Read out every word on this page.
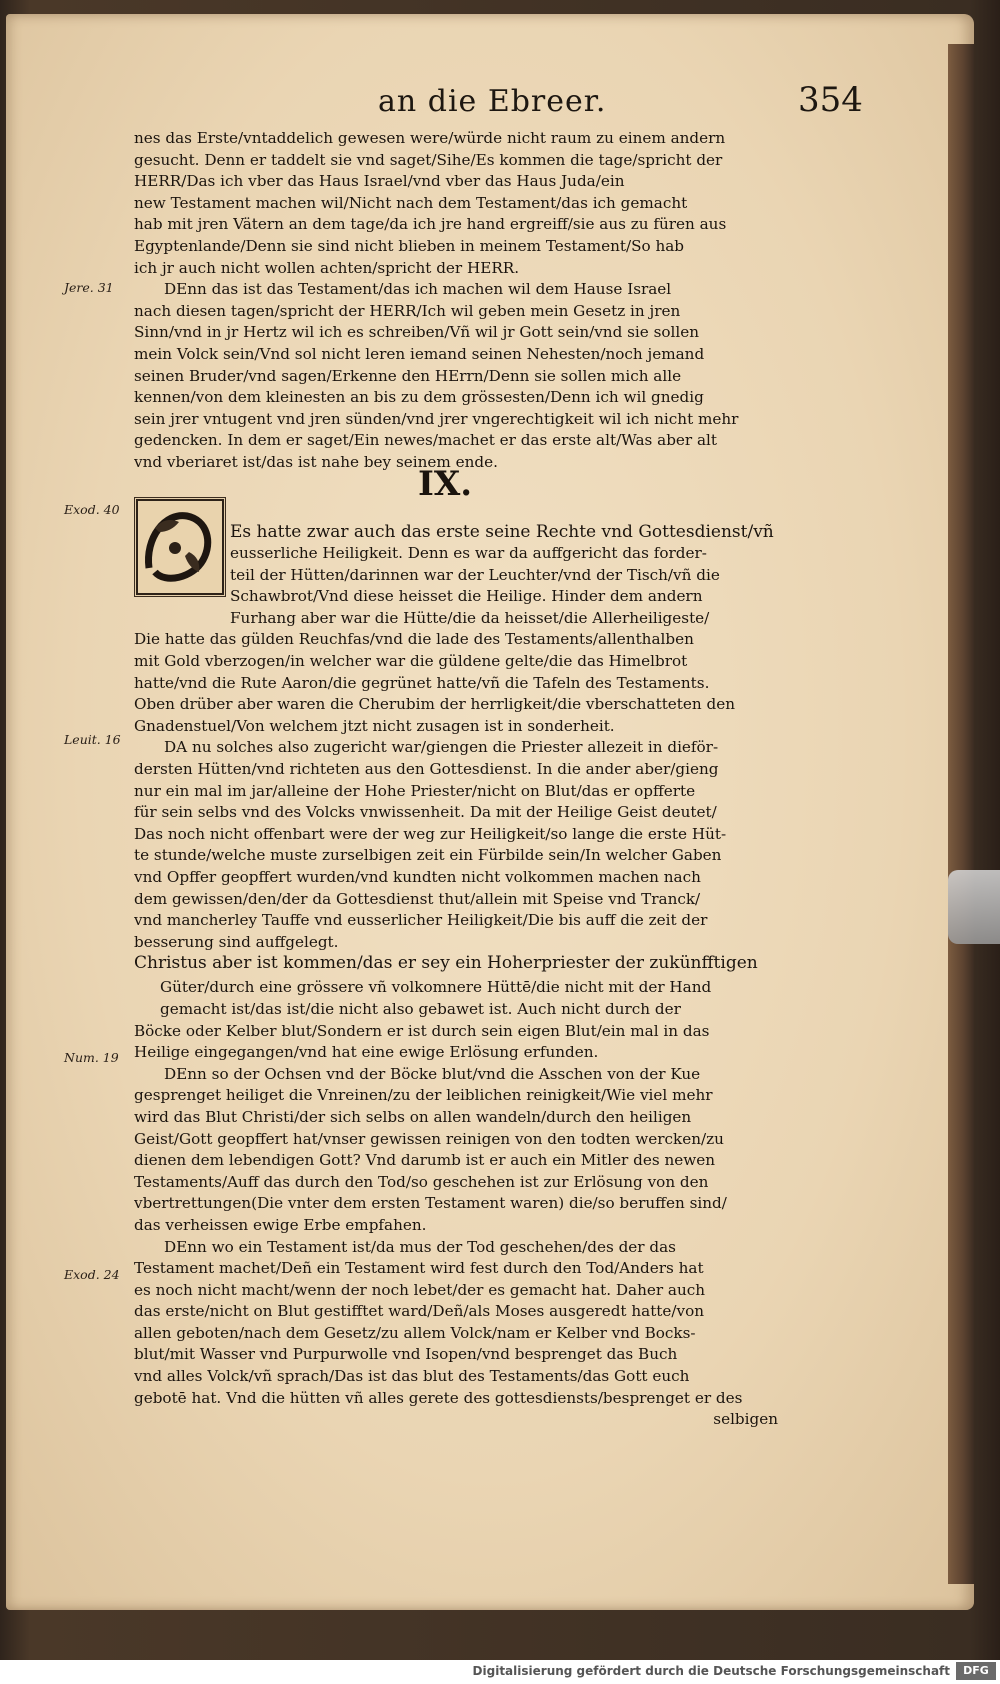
an die Ebreer.	354
Jere. 31
Exod. 40
Leuit. 16
Num. 19
Exod. 24
IX.
nes das Erste/vntaddelich gewesen were/würde nicht raum zu einem andern
gesucht. Denn er taddelt sie vnd saget/Sihe/Es kommen die tage/spricht der
HERR/Das ich vber das Haus Israel/vnd vber das Haus Juda/ein
new Testament machen wil/Nicht nach dem Testament/das ich gemacht
hab mit jren Vätern an dem tage/da ich jre hand ergreiff/sie aus zu füren aus
Egyptenlande/Denn sie sind nicht blieben in meinem Testament/So hab
ich jr auch nicht wollen achten/spricht der HERR.
DEnn das ist das Testament/das ich machen wil dem Hause Israel
nach diesen tagen/spricht der HERR/Ich wil geben mein Gesetz in jren
Sinn/vnd in jr Hertz wil ich es schreiben/Vñ wil jr Gott sein/vnd sie sollen
mein Volck sein/Vnd sol nicht leren iemand seinen Nehesten/noch jemand
seinen Bruder/vnd sagen/Erkenne den HErrn/Denn sie sollen mich alle
kennen/von dem kleinesten an bis zu dem grössesten/Denn ich wil gnedig
sein jrer vntugent vnd jren sünden/vnd jrer vngerechtigkeit wil ich nicht mehr
gedencken. In dem er saget/Ein newes/machet er das erste alt/Was aber alt
vnd vberiaret ist/das ist nahe bey seinem ende.
Es hatte zwar auch das erste seine Rechte vnd Gottesdienst/vñ
eusserliche Heiligkeit. Denn es war da auffgericht das forder-
teil der Hütten/darinnen war der Leuchter/vnd der Tisch/vñ die
Schawbrot/Vnd diese heisset die Heilige. Hinder dem andern
Furhang aber war die Hütte/die da heisset/die Allerheiligeste/
Die hatte das gülden Reuchfas/vnd die lade des Testaments/allenthalben
mit Gold vberzogen/in welcher war die güldene gelte/die das Himelbrot
hatte/vnd die Rute Aaron/die gegrünet hatte/vñ die Tafeln des Testaments.
Oben drüber aber waren die Cherubim der herrligkeit/die vberschatteten den
Gnadenstuel/Von welchem jtzt nicht zusagen ist in sonderheit.
DA nu solches also zugericht war/giengen die Priester allezeit in dieför-
dersten Hütten/vnd richteten aus den Gottesdienst. In die ander aber/gieng
nur ein mal im jar/alleine der Hohe Priester/nicht on Blut/das er opfferte
für sein selbs vnd des Volcks vnwissenheit. Da mit der Heilige Geist deutet/
Das noch nicht offenbart were der weg zur Heiligkeit/so lange die erste Hüt-
te stunde/welche muste zurselbigen zeit ein Fürbilde sein/In welcher Gaben
vnd Opffer geopffert wurden/vnd kundten nicht volkommen machen nach
dem gewissen/den/der da Gottesdienst thut/allein mit Speise vnd Tranck/
vnd mancherley Tauffe vnd eusserlicher Heiligkeit/Die bis auff die zeit der
besserung sind auffgelegt.
Christus aber ist kommen/das er sey ein Hoherpriester der zukünfftigen
Güter/durch eine grössere vñ volkomnere Hüttē/die nicht mit der Hand
gemacht ist/das ist/die nicht also gebawet ist. Auch nicht durch der
Böcke oder Kelber blut/Sondern er ist durch sein eigen Blut/ein mal in das
Heilige eingegangen/vnd hat eine ewige Erlösung erfunden.
DEnn so der Ochsen vnd der Böcke blut/vnd die Asschen von der Kue
gesprenget heiliget die Vnreinen/zu der leiblichen reinigkeit/Wie viel mehr
wird das Blut Christi/der sich selbs on allen wandeln/durch den heiligen
Geist/Gott geopffert hat/vnser gewissen reinigen von den todten wercken/zu
dienen dem lebendigen Gott? Vnd darumb ist er auch ein Mitler des newen
Testaments/Auff das durch den Tod/so geschehen ist zur Erlösung von den
vbertrettungen(Die vnter dem ersten Testament waren) die/so beruffen sind/
das verheissen ewige Erbe empfahen.
DEnn wo ein Testament ist/da mus der Tod geschehen/des der das
Testament machet/Deñ ein Testament wird fest durch den Tod/Anders hat
es noch nicht macht/wenn der noch lebet/der es gemacht hat. Daher auch
das erste/nicht on Blut gestifftet ward/Deñ/als Moses ausgeredt hatte/von
allen geboten/nach dem Gesetz/zu allem Volck/nam er Kelber vnd Bocks-
blut/mit Wasser vnd Purpurwolle vnd Isopen/vnd besprenget das Buch
vnd alles Volck/vñ sprach/Das ist das blut des Testaments/das Gott euch
gebotē hat. Vnd die hütten vñ alles gerete des gottesdiensts/besprenget er des
selbigen
Digitalisierung gefördert durch die Deutsche Forschungsgemeinschaft	DFG
